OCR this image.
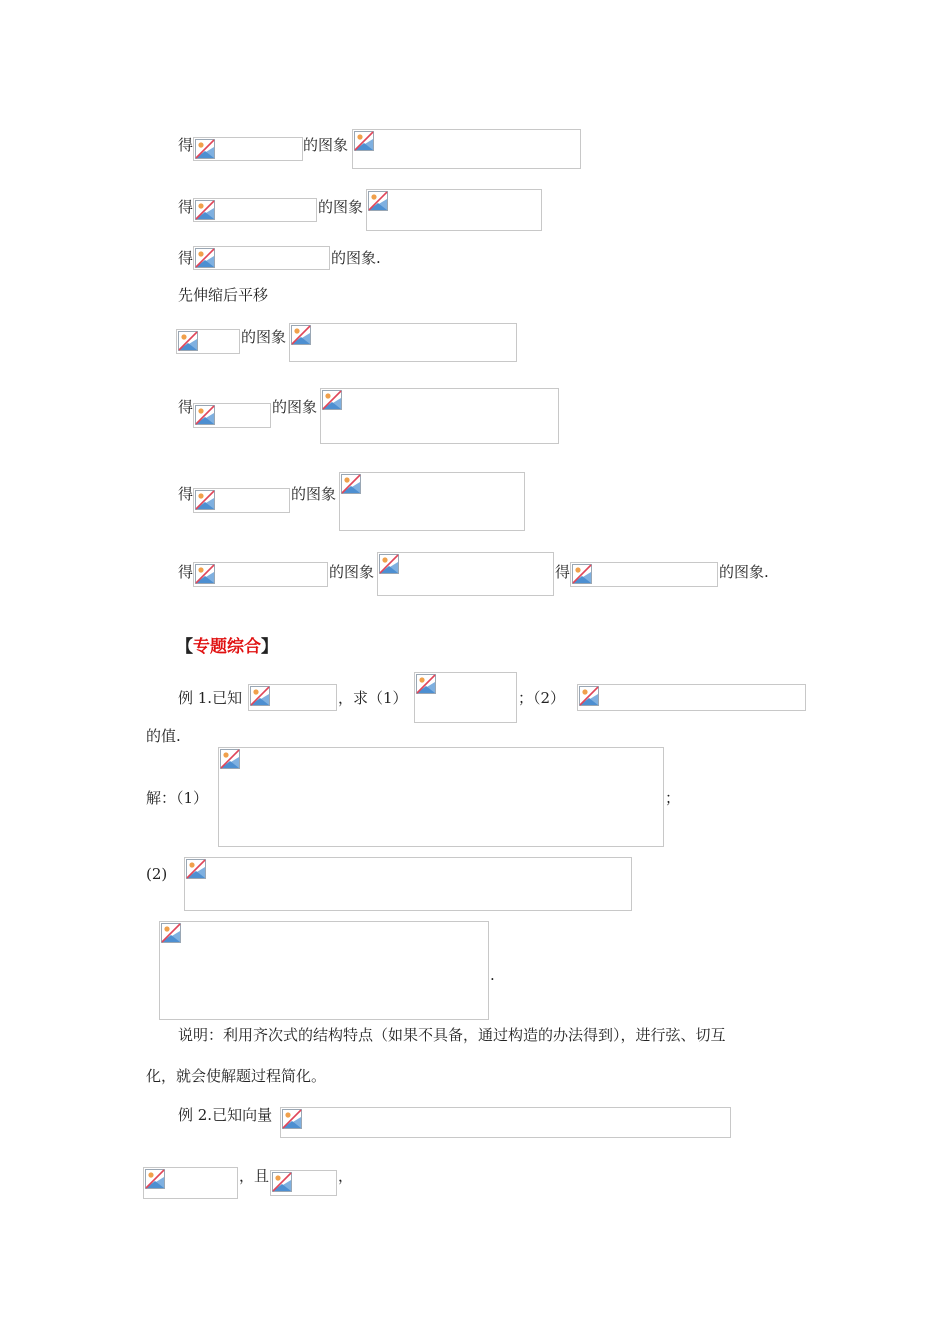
得	的图象
得	的图象
得	的图象.
先伸缩后平移
的图象
得	的图象
得	的图象
得	的图象	得	的图象.
【专题综合】
例 1.已知	，求（1）	；（2）
的值.
解：（1）	；
(2)
.
说明：利用齐次式的结构特点（如果不具备，通过构造的办法得到），进行弦、切互
化，就会使解题过程简化。
例 2.已知向量
，且	，
